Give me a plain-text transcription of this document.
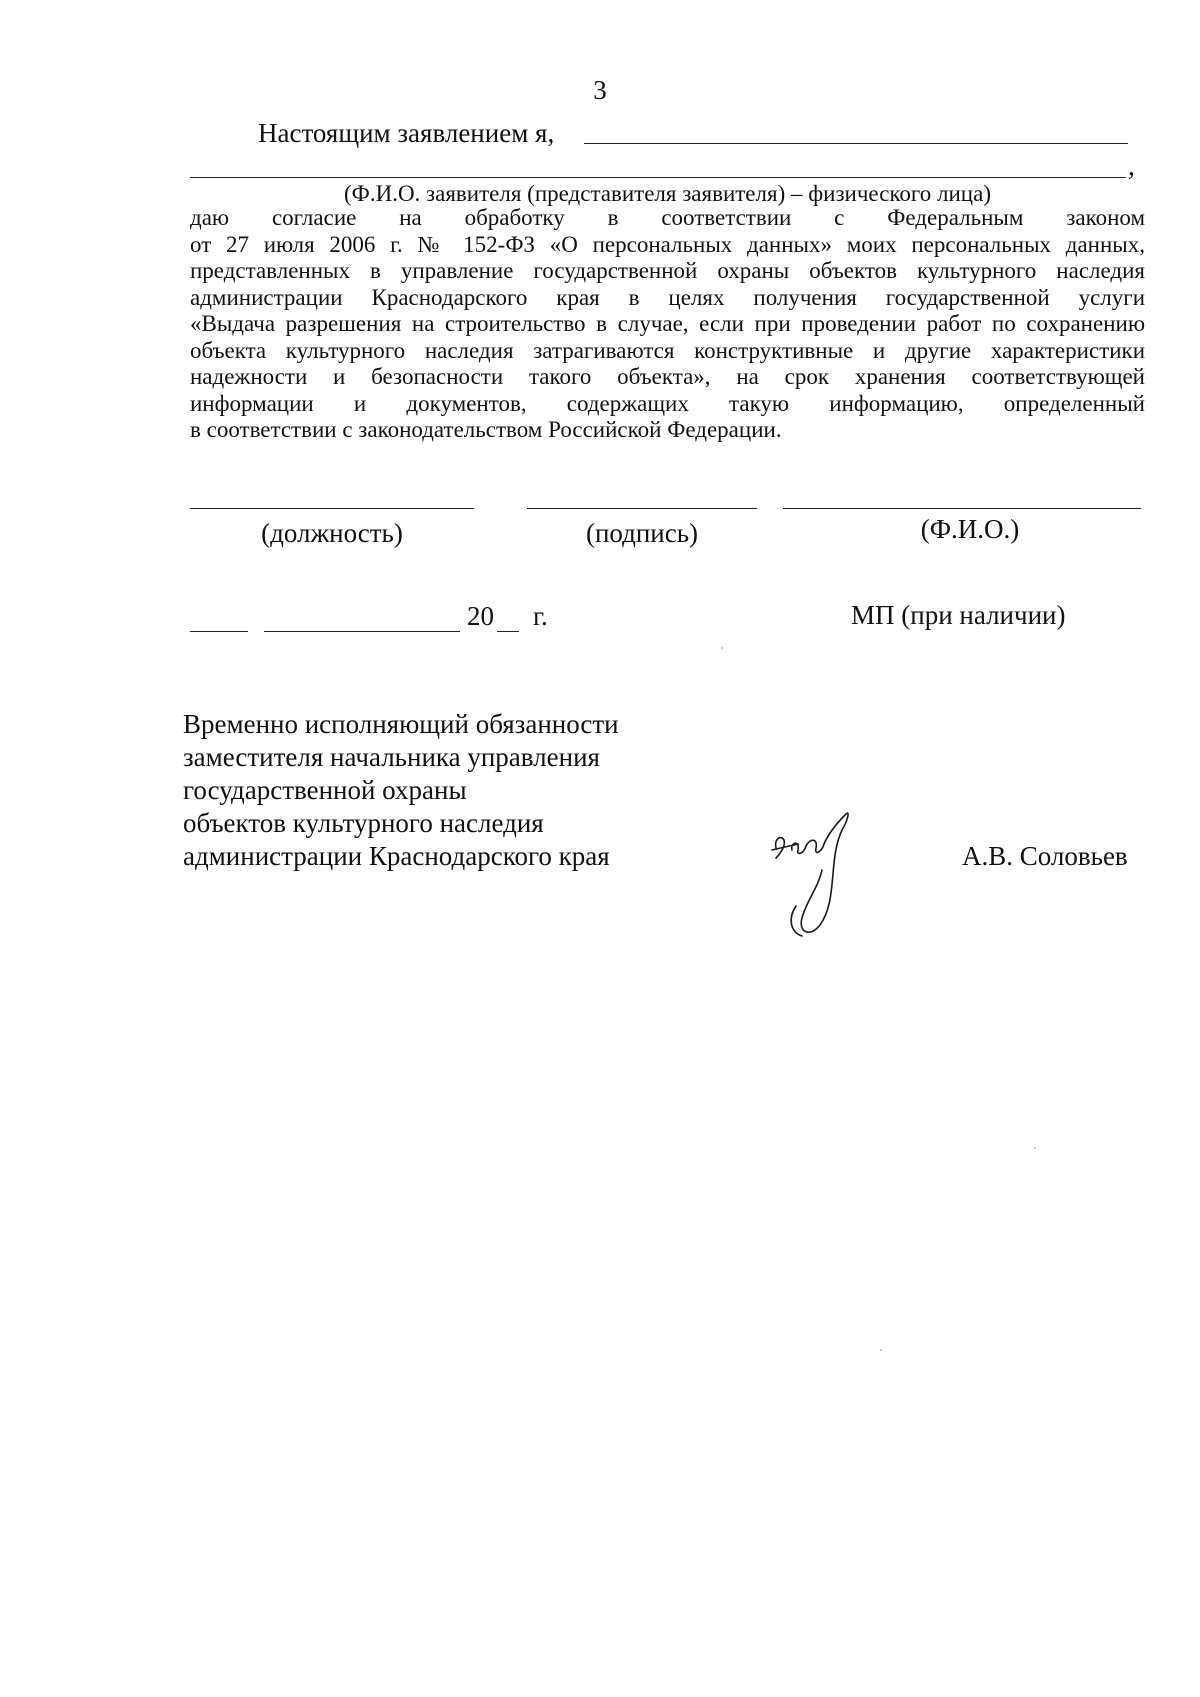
3
Настоящим заявлением я,
,
(Ф.И.О. заявителя (представителя заявителя) – физического лица)
даю согласие на обработку в соответствии с Федеральным законом
от 27 июля 2006 г. № 152-ФЗ «О персональных данных» моих персональных данных,
представленных в управление государственной охраны объектов культурного наследия
администрации Краснодарского края в целях получения государственной услуги
«Выдача разрешения на строительство в случае, если при проведении работ по сохранению
объекта культурного наследия затрагиваются конструктивные и другие характеристики
надежности и безопасности такого объекта», на срок хранения соответствующей
информации и документов, содержащих такую информацию, определенный
в соответствии с законодательством Российской Федерации.
(должность)	(подпись)	(Ф.И.О.)
20 г.	МП (при наличии)
Временно исполняющий обязанности
заместителя начальника управления
государственной охраны
объектов культурного наследия
администрации Краснодарского края	А.В. Соловьев
